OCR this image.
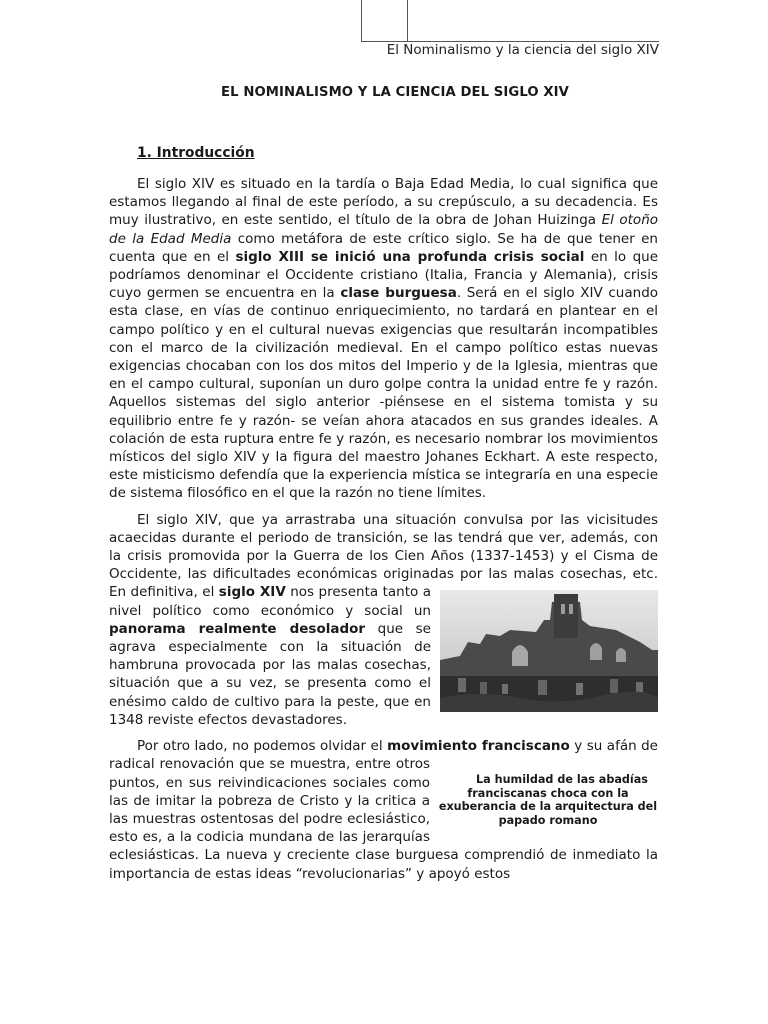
El Nominalismo y la ciencia del siglo XIV
EL NOMINALISMO Y LA CIENCIA DEL SIGLO XIV
1. Introducción

El siglo XIV es situado en la tardía o Baja Edad Media, lo cual significa que estamos llegando al final de este período, a su crepúsculo, a su decadencia. Es muy ilustrativo, en este sentido, el título de la obra de Johan Huizinga El otoño de la Edad Media como metáfora de este crítico siglo. Se ha de que tener en cuenta que en el siglo XIII se inició una profunda crisis social en lo que podríamos denominar el Occidente cristiano (Italia, Francia y Alemania), crisis cuyo germen se encuentra en la clase burguesa. Será en el siglo XIV cuando esta clase, en vías de continuo enriquecimiento, no tardará en plantear en el campo político y en el cultural nuevas exigencias que resultarán incompatibles con el marco de la civilización medieval. En el campo político estas nuevas exigencias chocaban con los dos mitos del Imperio y de la Iglesia, mientras que en el campo cultural, suponían un duro golpe contra la unidad entre fe y razón. Aquellos sistemas del siglo anterior -piénsese en el sistema tomista y su equilibrio entre fe y razón- se veían ahora atacados en sus grandes ideales. A colación de esta ruptura entre fe y razón, es necesario nombrar los movimientos místicos del siglo XIV y la figura del maestro Johanes Eckhart. A este respecto, este misticismo defendía que la experiencia mística se integraría en una especie de sistema filosófico en el que la razón no tiene límites.

El siglo XIV, que ya arrastraba una situación convulsa por las vicisitudes acaecidas durante el periodo de transición, se las tendrá que ver, además, con la crisis promovida por la Guerra de los Cien Años (1337-1453) y el Cisma de Occidente, las dificultades económicas originadas por las malas cosechas, etc. En definitiva, el siglo XIV
nos presenta tanto a nivel político como económico y social un panorama realmente desolador que se agrava especialmente con la situación de hambruna provocada por las malas cosechas, situación que a su vez, se presenta como el enésimo caldo de cultivo para la peste, que en 1348 reviste efectos devastadores.

Por otro lado, no podemos olvidar el movimiento franciscano
La humildad de las abadías franciscanas choca con la exuberancia de la arquitectura del papado romano
y su afán de radical renovación que se muestra, entre otros puntos, en sus reivindicaciones sociales como las de imitar la pobreza de Cristo y la critica a las muestras ostentosas del podre eclesiástico, esto es, a la codicia mundana de las jerarquías eclesiásticas. La nueva y creciente clase burguesa comprendió de inmediato la importancia de estas ideas “revolucionarias” y apoyó estos
